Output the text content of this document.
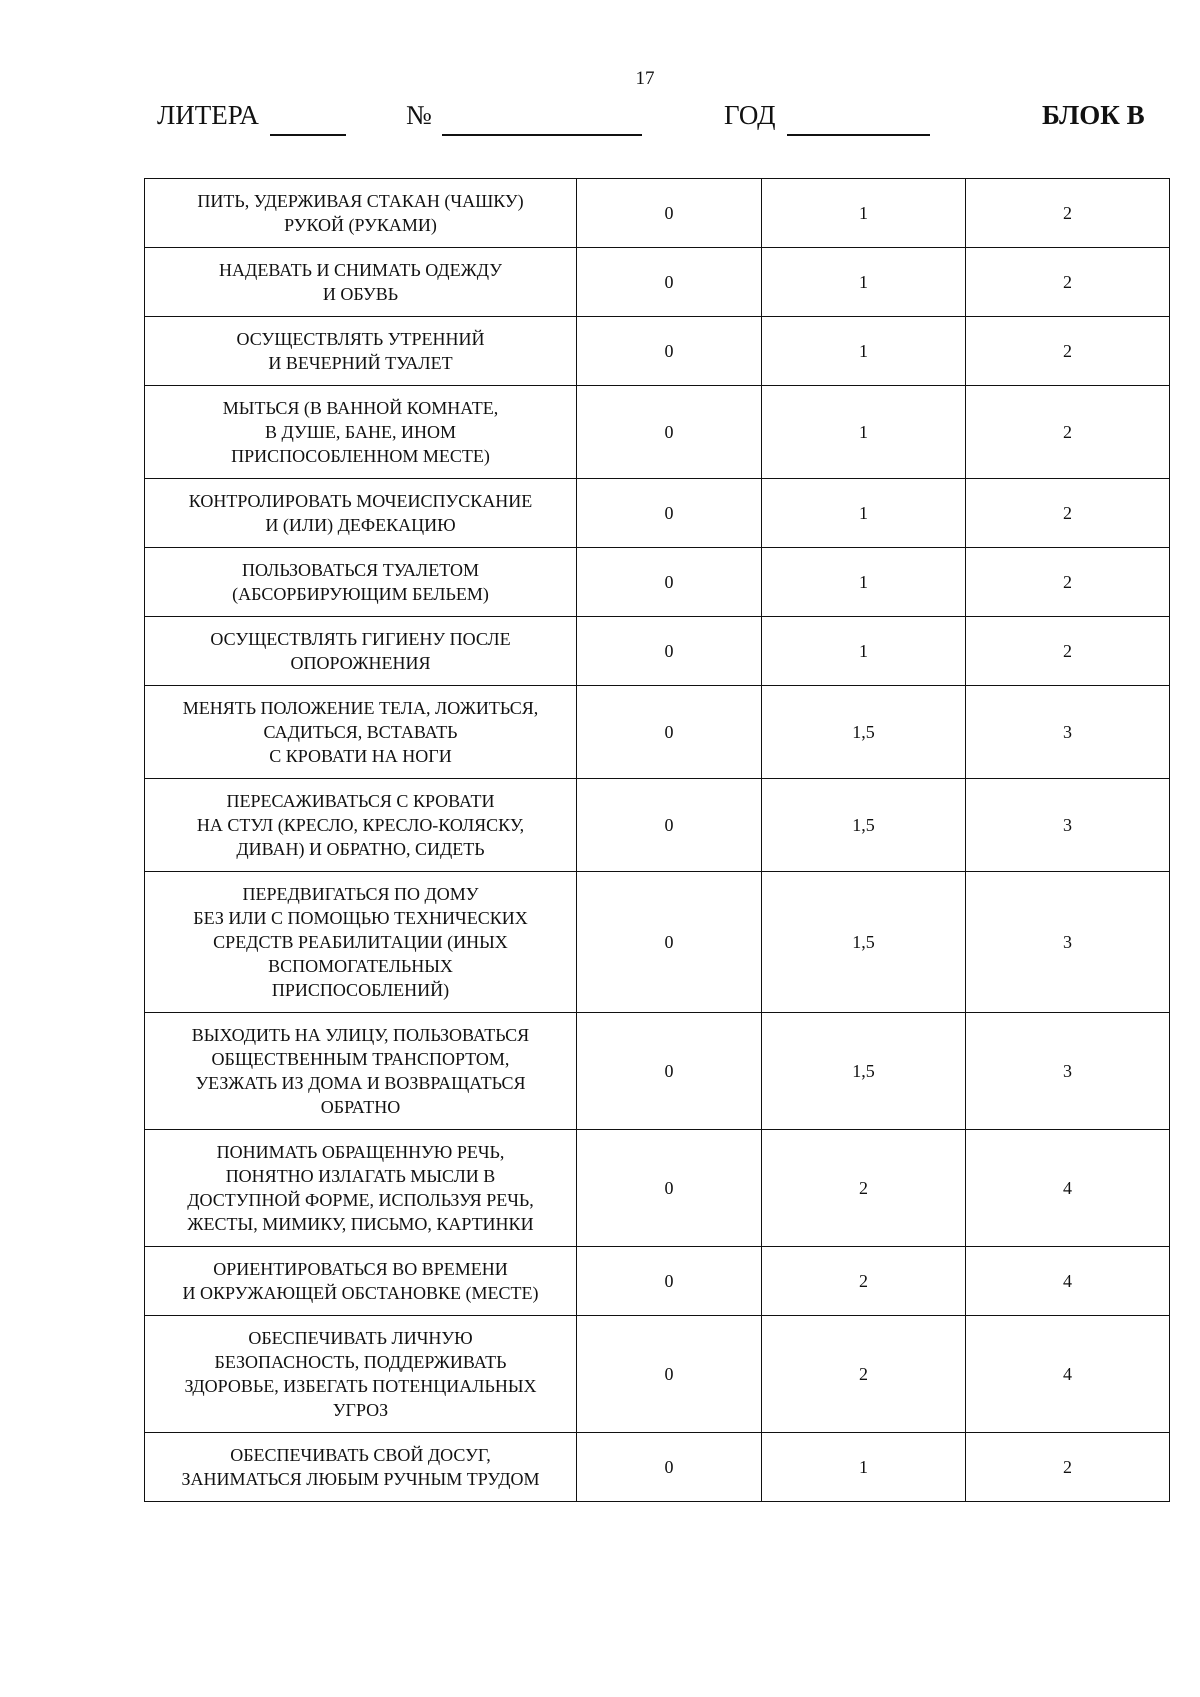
17
ЛИТЕРА	№	ГОД	БЛОК В
ПИТЬ, УДЕРЖИВАЯ СТАКАН (ЧАШКУ)
РУКОЙ (РУКАМИ)	0	1	2
НАДЕВАТЬ И СНИМАТЬ ОДЕЖДУ
И ОБУВЬ	0	1	2
ОСУЩЕСТВЛЯТЬ УТРЕННИЙ
И ВЕЧЕРНИЙ ТУАЛЕТ	0	1	2
МЫТЬСЯ (В ВАННОЙ КОМНАТЕ,
В ДУШЕ, БАНЕ, ИНОМ
ПРИСПОСОБЛЕННОМ МЕСТЕ)	0	1	2
КОНТРОЛИРОВАТЬ МОЧЕИСПУСКАНИЕ
И (ИЛИ) ДЕФЕКАЦИЮ	0	1	2
ПОЛЬЗОВАТЬСЯ ТУАЛЕТОМ
(АБСОРБИРУЮЩИМ БЕЛЬЕМ)	0	1	2
ОСУЩЕСТВЛЯТЬ ГИГИЕНУ ПОСЛЕ
ОПОРОЖНЕНИЯ	0	1	2
МЕНЯТЬ ПОЛОЖЕНИЕ ТЕЛА, ЛОЖИТЬСЯ,
САДИТЬСЯ, ВСТАВАТЬ
С КРОВАТИ НА НОГИ	0	1,5	3
ПЕРЕСАЖИВАТЬСЯ С КРОВАТИ
НА СТУЛ (КРЕСЛО, КРЕСЛО-КОЛЯСКУ,
ДИВАН) И ОБРАТНО, СИДЕТЬ	0	1,5	3
ПЕРЕДВИГАТЬСЯ ПО ДОМУ
БЕЗ ИЛИ С ПОМОЩЬЮ ТЕХНИЧЕСКИХ
СРЕДСТВ РЕАБИЛИТАЦИИ (ИНЫХ
ВСПОМОГАТЕЛЬНЫХ
ПРИСПОСОБЛЕНИЙ)	0	1,5	3
ВЫХОДИТЬ НА УЛИЦУ, ПОЛЬЗОВАТЬСЯ
ОБЩЕСТВЕННЫМ ТРАНСПОРТОМ,
УЕЗЖАТЬ ИЗ ДОМА И ВОЗВРАЩАТЬСЯ
ОБРАТНО	0	1,5	3
ПОНИМАТЬ ОБРАЩЕННУЮ РЕЧЬ,
ПОНЯТНО ИЗЛАГАТЬ МЫСЛИ В
ДОСТУПНОЙ ФОРМЕ, ИСПОЛЬЗУЯ РЕЧЬ,
ЖЕСТЫ, МИМИКУ, ПИСЬМО, КАРТИНКИ	0	2	4
ОРИЕНТИРОВАТЬСЯ ВО ВРЕМЕНИ
И ОКРУЖАЮЩЕЙ ОБСТАНОВКЕ (МЕСТЕ)	0	2	4
ОБЕСПЕЧИВАТЬ ЛИЧНУЮ
БЕЗОПАСНОСТЬ, ПОДДЕРЖИВАТЬ
ЗДОРОВЬЕ, ИЗБЕГАТЬ ПОТЕНЦИАЛЬНЫХ
УГРОЗ	0	2	4
ОБЕСПЕЧИВАТЬ СВОЙ ДОСУГ,
ЗАНИМАТЬСЯ ЛЮБЫМ РУЧНЫМ ТРУДОМ	0	1	2
